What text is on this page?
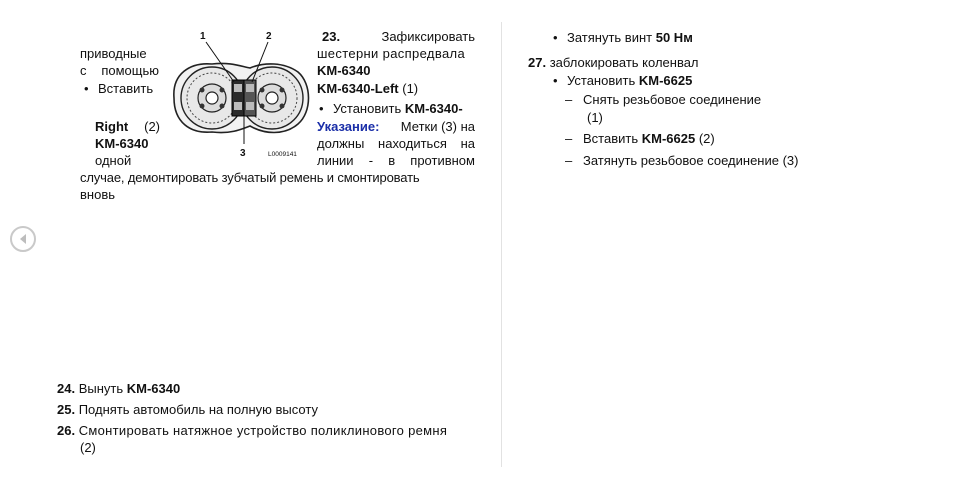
23.	Зафиксировать
приводные	шестерни распредвала
с помощью	KM-6340
• Вставить	KM-6340-Left (1)
• Установить KM-6340-
Right (2)	Указание: Метки (3) на
KM-6340	должны находиться на
одной	линии - в противном
случае, демонтировать зубчатый ремень и смонтировать
вновь
1	2
3	L0009141
24. Вынуть KM-6340
25. Поднять автомобиль на полную высоту
26. Смонтировать натяжное устройство поликлинового ремня
(2)
• Затянуть винт 50 Нм
27. заблокировать коленвал
• Установить KM-6625
– Снять резьбовое соединение
(1)
– Вставить KM-6625 (2)
– Затянуть резьбовое соединение (3)
